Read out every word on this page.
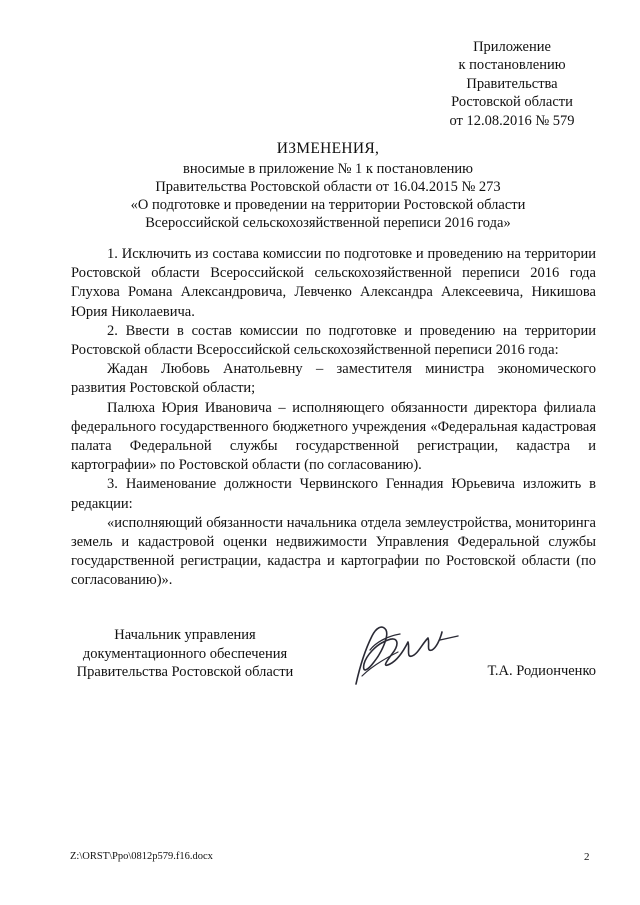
Приложение
к постановлению
Правительства
Ростовской области
от 12.08.2016 № 579
ИЗМЕНЕНИЯ,
вносимые в приложение № 1 к постановлению
Правительства Ростовской области от 16.04.2015 № 273
«О подготовке и проведении на территории Ростовской области
Всероссийской сельскохозяйственной переписи 2016 года»

1. Исключить из состава комиссии по подготовке и проведению на территории Ростовской области Всероссийской сельскохозяйственной переписи 2016 года Глухова Романа Александровича, Левченко Александра Алексеевича, Никишова Юрия Николаевича.

2. Ввести в состав комиссии по подготовке и проведению на территории Ростовской области Всероссийской сельскохозяйственной переписи 2016 года:

Жадан Любовь Анатольевну – заместителя министра экономического развития Ростовской области;

Палюха Юрия Ивановича – исполняющего обязанности директора филиала федерального государственного бюджетного учреждения «Федеральная кадастровая палата Федеральной службы государственной регистрации, кадастра и картографии» по Ростовской области (по согласованию).

3. Наименование должности Червинского Геннадия Юрьевича изложить в редакции:

«исполняющий обязанности начальника отдела землеустройства, мониторинга земель и кадастровой оценки недвижимости Управления Федеральной службы государственной регистрации, кадастра и картографии по Ростовской области (по согласованию)».

Начальник управления
документационного обеспечения
Правительства Ростовской области	Т.А. Родионченко
Z:\ORST\Ppo\0812p579.f16.docx	2
